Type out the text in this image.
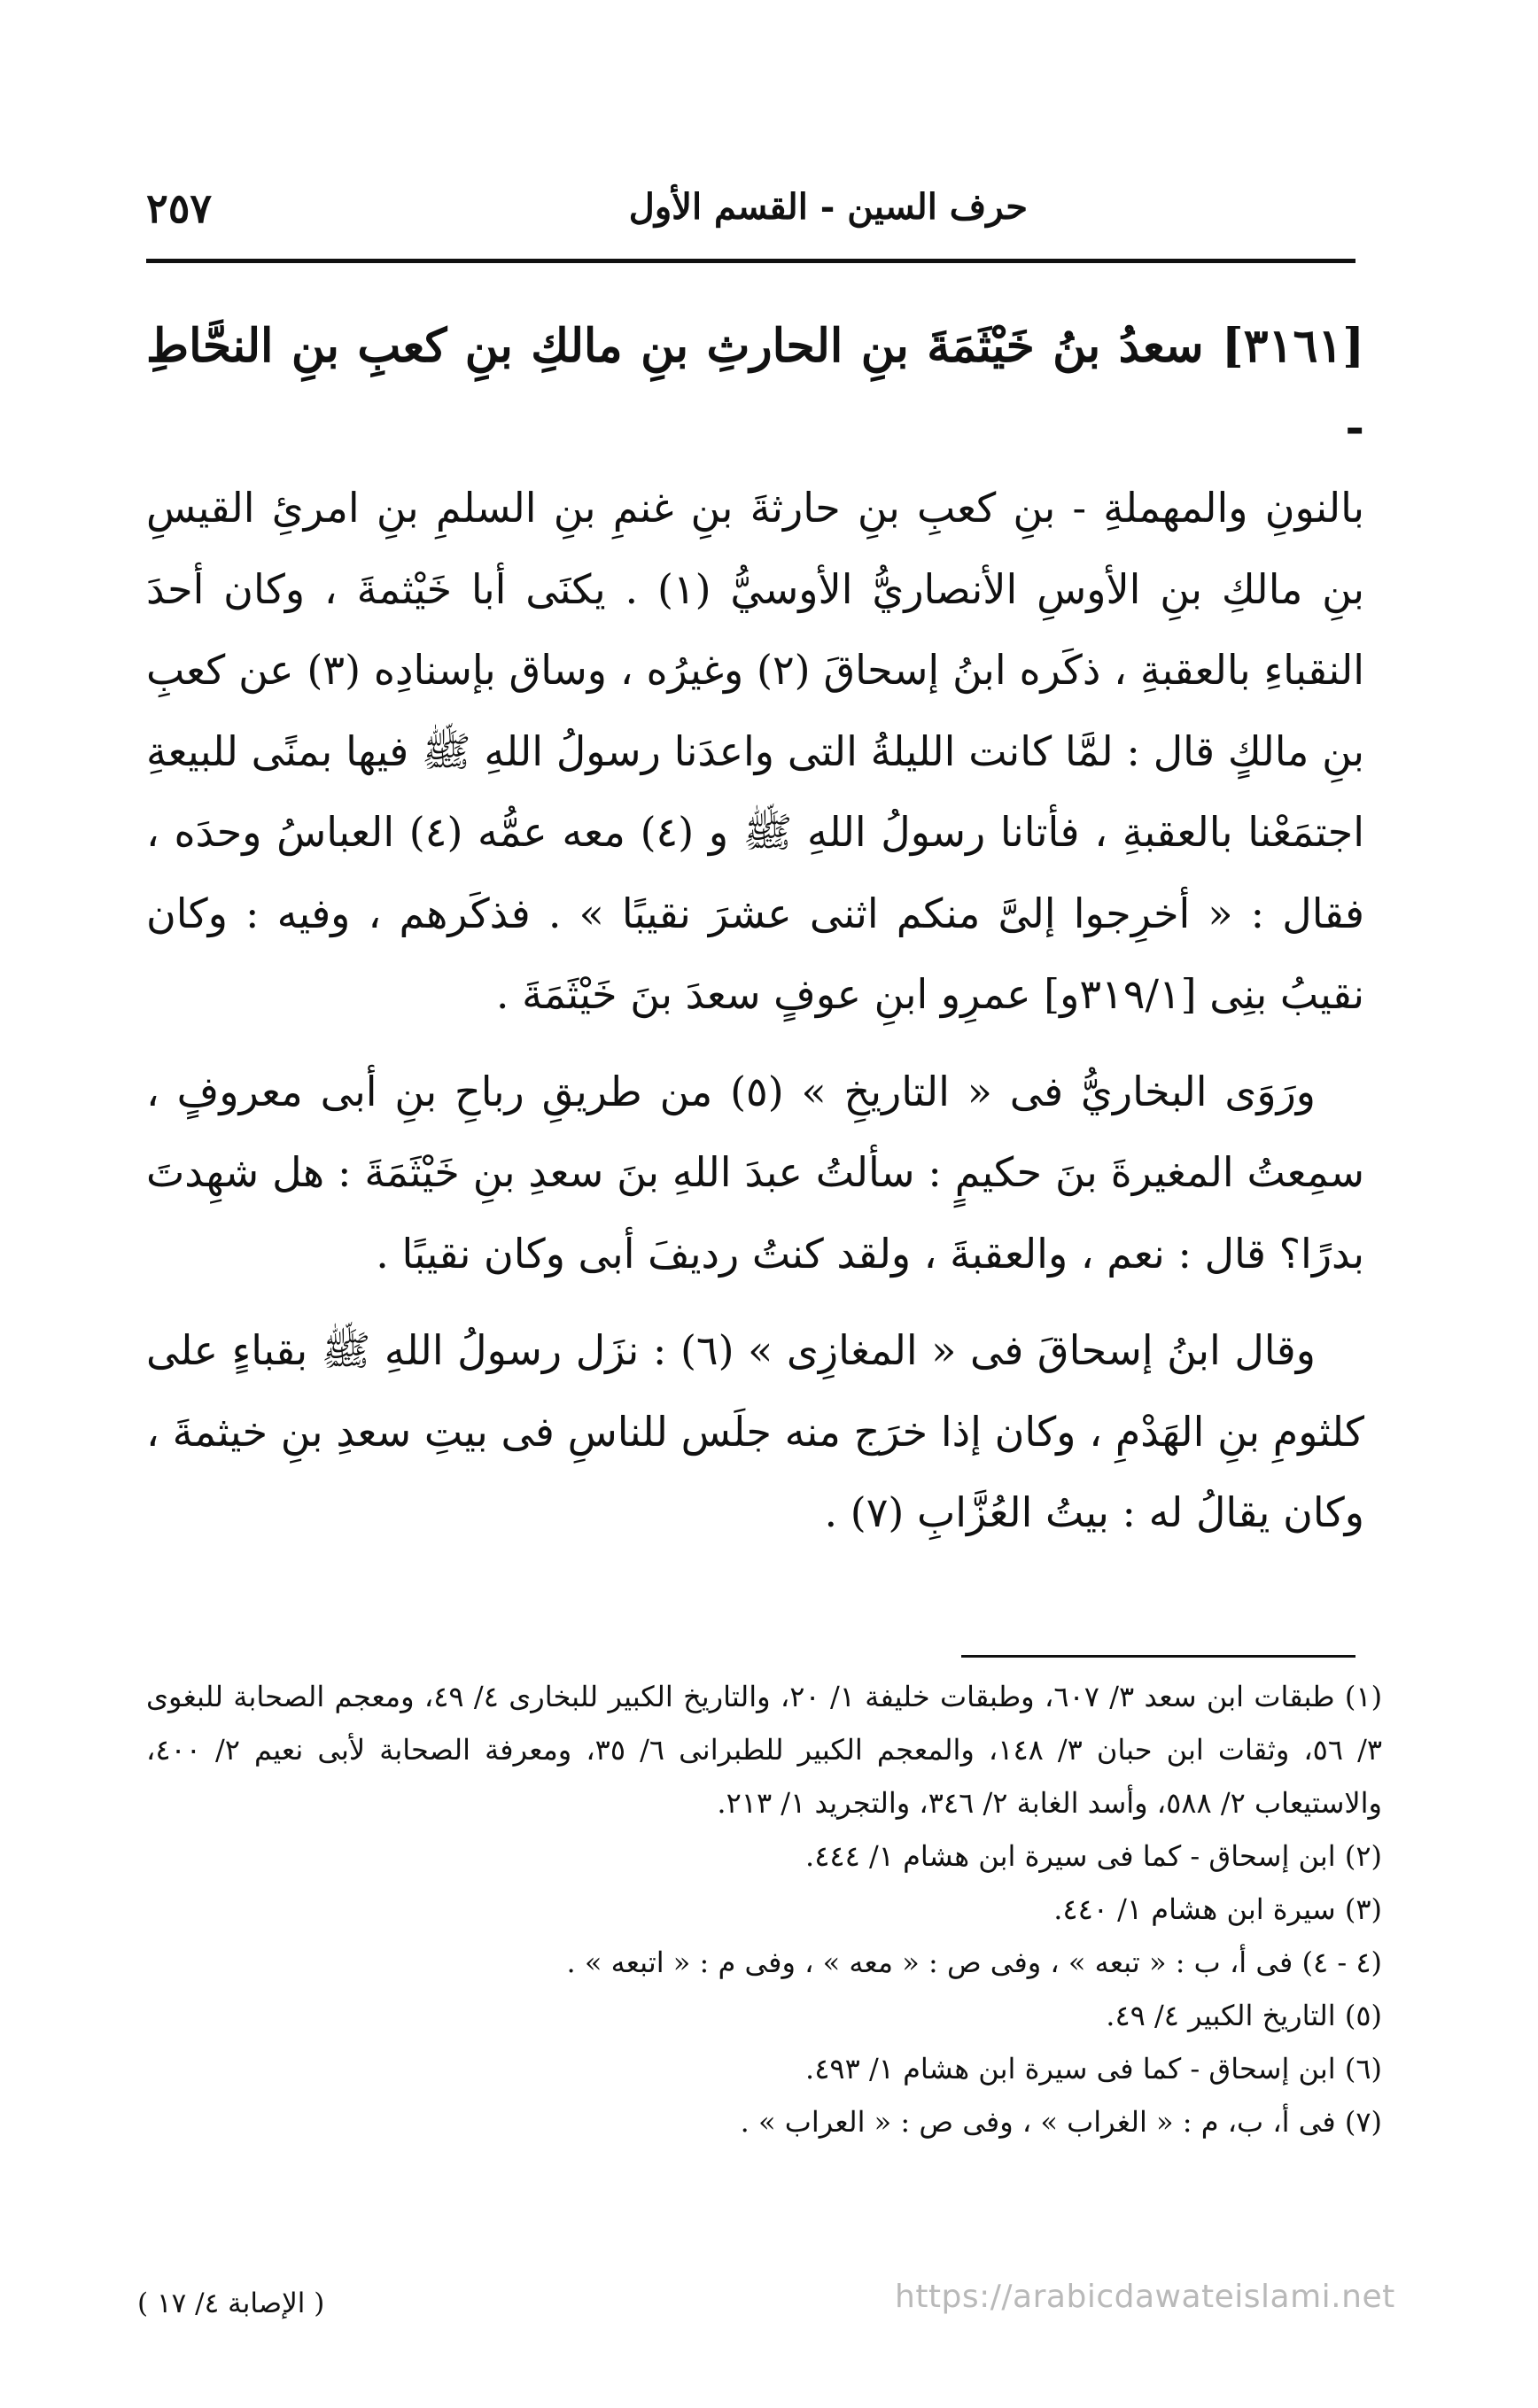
حرف السين - القسم الأول
٢٥٧

[٣١٦١] سعدُ بنُ خَيْثَمَةَ بنِ الحارثِ بنِ مالكِ بنِ كعبِ بنِ النحَّاطِ -

بالنونِ والمهملةِ - بنِ كعبِ بنِ حارثةَ بنِ غنمِ بنِ السلمِ بنِ امرئِ القيسِ بنِ مالكِ بنِ الأوسِ الأنصاريُّ الأوسيُّ (١) . يكنَى أبا خَيْثمةَ ، وكان أحدَ النقباءِ بالعقبةِ ، ذكَره ابنُ إسحاقَ (٢) وغيرُه ، وساق بإسنادِه (٣) عن كعبِ بنِ مالكٍ قال : لمَّا كانت الليلةُ التى واعدَنا رسولُ اللهِ ﷺ فيها بمنًى للبيعةِ اجتمَعْنا بالعقبةِ ، فأتانا رسولُ اللهِ ﷺ و (٤) معه عمُّه (٤) العباسُ وحدَه ، فقال : « أخرِجوا إلىَّ منكم اثنى عشرَ نقيبًا » . فذكَرهم ، وفيه : وكان نقيبُ بنِى [٣١٩/١و] عمرِو ابنِ عوفٍ سعدَ بنَ خَيْثَمَةَ .

ورَوَى البخاريُّ فى « التاريخِ » (٥) من طريقِ رباحِ بنِ أبى معروفٍ ، سمِعتُ المغيرةَ بنَ حكيمٍ : سألتُ عبدَ اللهِ بنَ سعدِ بنِ خَيْثَمَةَ : هل شهِدتَ بدرًا؟ قال : نعم ، والعقبةَ ، ولقد كنتُ رديفَ أبى وكان نقيبًا .

وقال ابنُ إسحاقَ فى « المغازِى » (٦) : نزَل رسولُ اللهِ ﷺ بقباءٍ على كلثومِ بنِ الهَدْمِ ، وكان إذا خرَج منه جلَس للناسِ فى بيتِ سعدِ بنِ خيثمةَ ، وكان يقالُ له : بيتُ العُزَّابِ (٧) .

(١) طبقات ابن سعد ٣/ ٦٠٧، وطبقات خليفة ١/ ٢٠، والتاريخ الكبير للبخارى ٤/ ٤٩، ومعجم الصحابة للبغوى ٣/ ٥٦، وثقات ابن حبان ٣/ ١٤٨، والمعجم الكبير للطبرانى ٦/ ٣٥، ومعرفة الصحابة لأبى نعيم ٢/ ٤٠٠، والاستيعاب ٢/ ٥٨٨، وأسد الغابة ٢/ ٣٤٦، والتجريد ١/ ٢١٣.

(٢) ابن إسحاق - كما فى سيرة ابن هشام ١/ ٤٤٤.

(٣) سيرة ابن هشام ١/ ٤٤٠.

(٤ - ٤) فى أ، ب : « تبعه » ، وفى ص : « معه » ، وفى م : « اتبعه » .

(٥) التاريخ الكبير ٤/ ٤٩.

(٦) ابن إسحاق - كما فى سيرة ابن هشام ١/ ٤٩٣.

(٧) فى أ، ب، م : « الغراب » ، وفى ص : « العراب » .

( الإصابة ٤/ ١٧ )	https://arabicdawateislami.net
